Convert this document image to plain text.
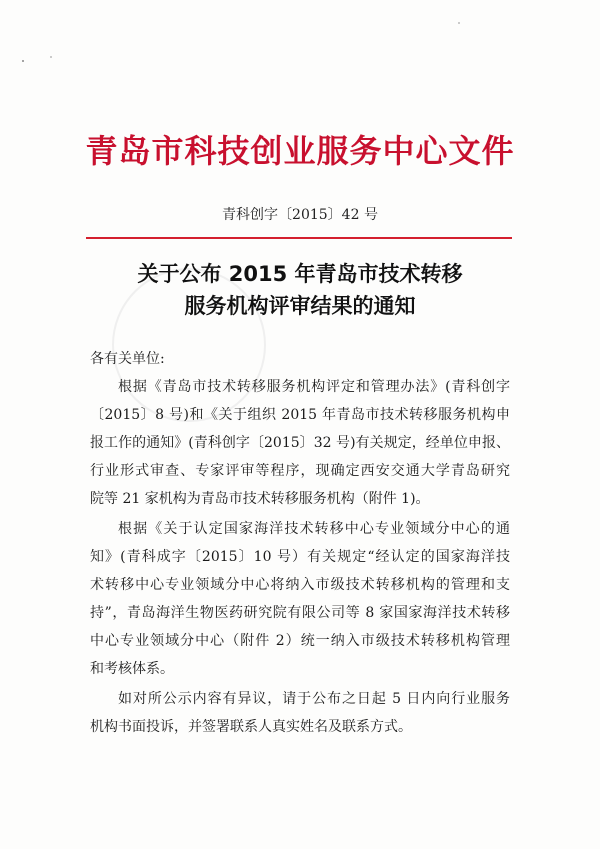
青岛市科技创业服务中心文件
青科创字〔2015〕42 号
关于公布 2015 年青岛市技术转移
服务机构评审结果的通知
各有关单位:
根据《青岛市技术转移服务机构评定和管理办法》(青科创字
〔2015〕8 号)和《关于组织 2015 年青岛市技术转移服务机构申
报工作的通知》(青科创字〔2015〕32 号)有关规定，经单位申报、
行业形式审查、专家评审等程序，现确定西安交通大学青岛研究
院等 21 家机构为青岛市技术转移服务机构（附件 1)。
根据《关于认定国家海洋技术转移中心专业领域分中心的通
知》(青科成字〔2015〕10 号）有关规定“经认定的国家海洋技
术转移中心专业领域分中心将纳入市级技术转移机构的管理和支
持”，青岛海洋生物医药研究院有限公司等 8 家国家海洋技术转移
中心专业领域分中心（附件 2）统一纳入市级技术转移机构管理
和考核体系。
如对所公示内容有异议，请于公布之日起 5 日内向行业服务
机构书面投诉，并签署联系人真实姓名及联系方式。
